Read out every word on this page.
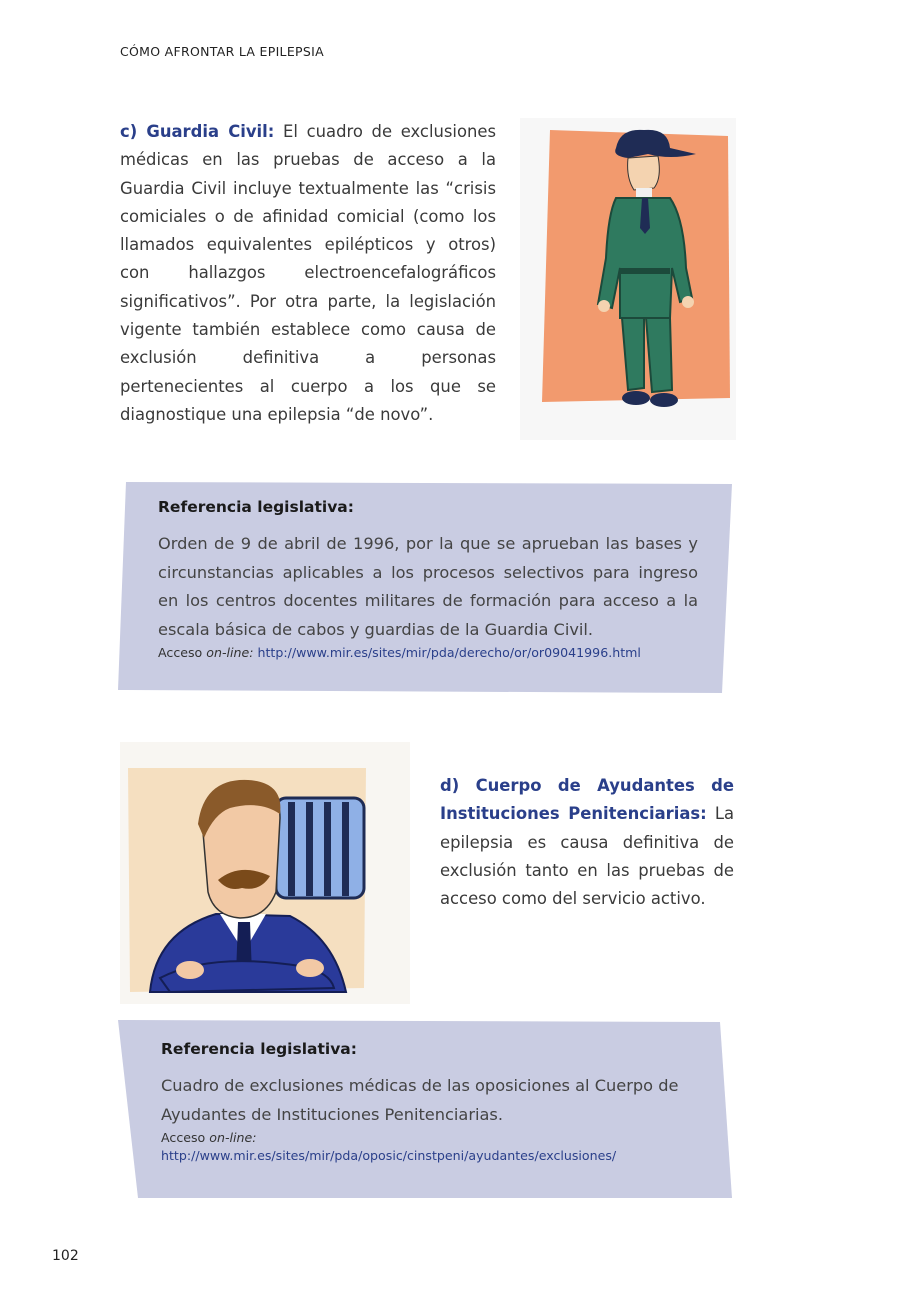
CÓMO AFRONTAR LA EPILEPSIA
c) Guardia Civil: El cuadro de exclusiones médicas en las pruebas de acceso a la Guardia Civil incluye textualmente las “crisis comiciales o de afinidad comicial (como los llamados equivalentes epilépticos y otros) con hallazgos electroencefalográficos significativos”. Por otra parte, la legislación vigente también establece como causa de exclusión definitiva a personas pertenecientes al cuerpo a los que se diagnostique una epilepsia “de novo”.
Referencia legislativa:
Orden de 9 de abril de 1996, por la que se aprueban las bases y circunstancias aplicables a los procesos selectivos para ingreso en los centros docentes militares de formación para acceso a la escala básica de cabos y guardias de la Guardia Civil.
Acceso on-line: http://www.mir.es/sites/mir/pda/derecho/or/or09041996.html
d) Cuerpo de Ayudantes de Instituciones Penitenciarias: La epilepsia es causa definitiva de exclusión tanto en las pruebas de acceso como del servicio activo.
Referencia legislativa:
Cuadro de exclusiones médicas de las oposiciones al Cuerpo de Ayudantes de Instituciones Penitenciarias.
Acceso on-line:
http://www.mir.es/sites/mir/pda/oposic/cinstpeni/ayudantes/exclusiones/
102
